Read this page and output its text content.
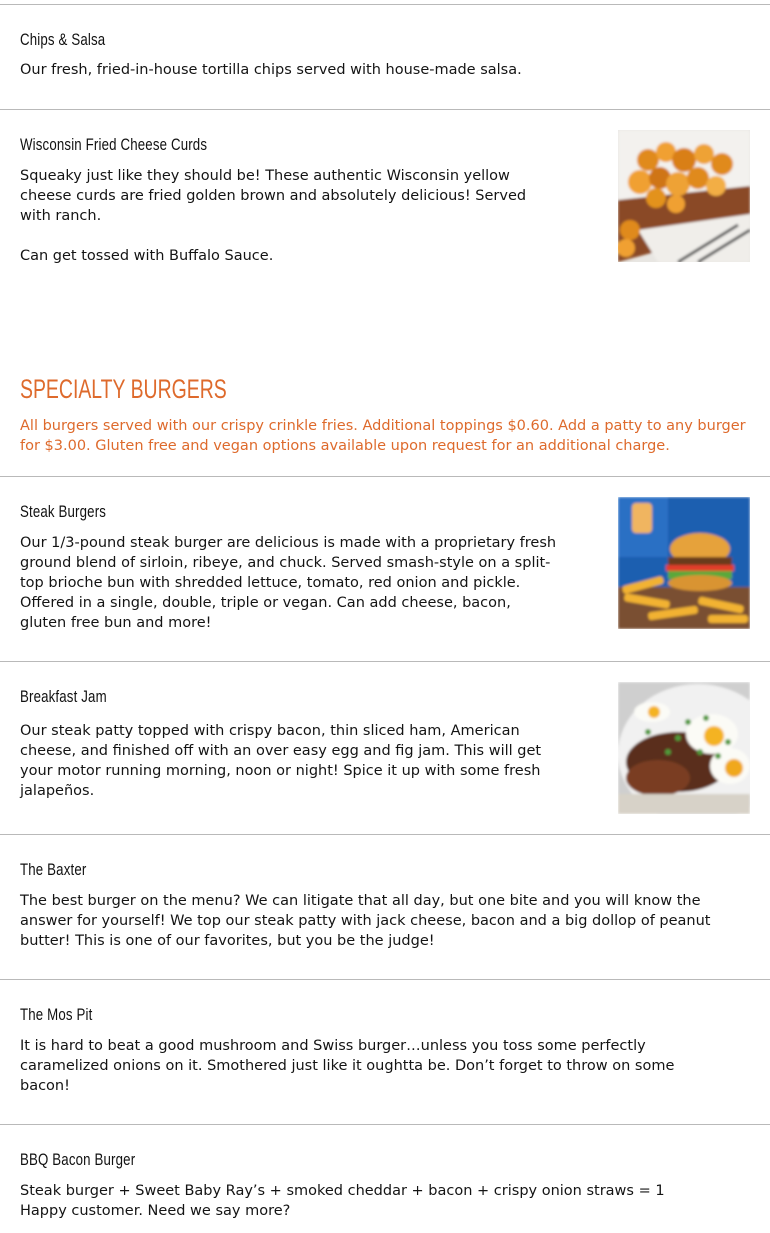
Chips & Salsa

Our fresh, fried-in-house tortilla chips served with house-made salsa.

Wisconsin Fried Cheese Curds

Squeaky just like they should be! These authentic Wisconsin yellow cheese curds are fried golden brown and absolutely delicious! Served with ranch.

Can get tossed with Buffalo Sauce.

SPECIALTY BURGERS

All burgers served with our crispy crinkle fries. Additional toppings $0.60. Add a patty to any burger for $3.00. Gluten free and vegan options available upon request for an additional charge.

Steak Burgers

Our 1/3-pound steak burger are delicious is made with a proprietary fresh ground blend of sirloin, ribeye, and chuck. Served smash-style on a split-top brioche bun with shredded lettuce, tomato, red onion and pickle. Offered in a single, double, triple or vegan. Can add cheese, bacon, gluten free bun and more!

Breakfast Jam

Our steak patty topped with crispy bacon, thin sliced ham, American cheese, and finished off with an over easy egg and fig jam. This will get your motor running morning, noon or night! Spice it up with some fresh jalapeños.

The Baxter

The best burger on the menu? We can litigate that all day, but one bite and you will know the answer for yourself! We top our steak patty with jack cheese, bacon and a big dollop of peanut butter! This is one of our favorites, but you be the judge!

The Mos Pit

It is hard to beat a good mushroom and Swiss burger…unless you toss some perfectly caramelized onions on it. Smothered just like it oughtta be. Don’t forget to throw on some bacon!

BBQ Bacon Burger

Steak burger + Sweet Baby Ray’s + smoked cheddar + bacon + crispy onion straws = 1 Happy customer. Need we say more?
